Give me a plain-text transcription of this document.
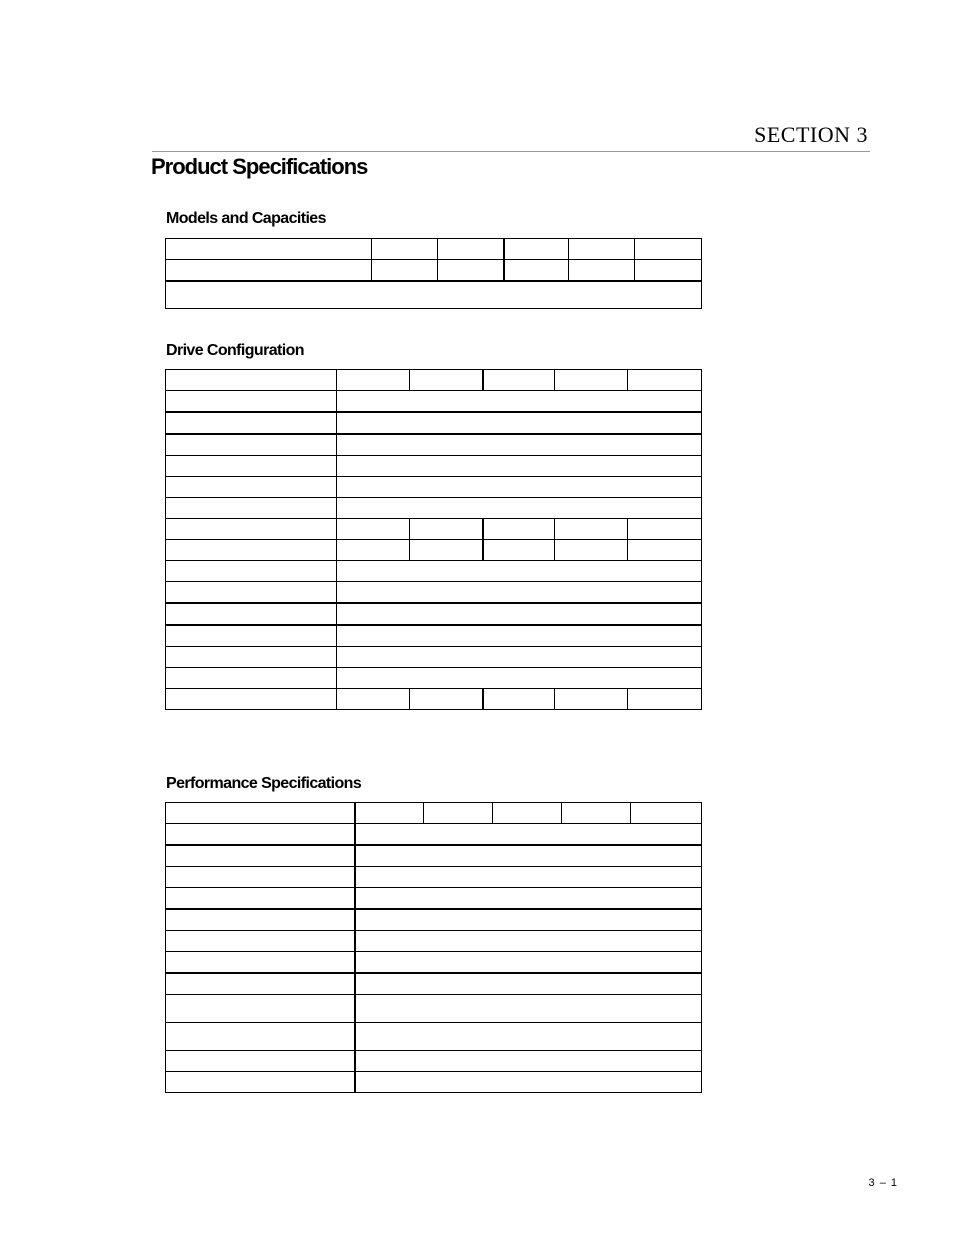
SECTION 3
Product Specifications
Models and Capacities

Drive Configuration

Performance Specifications

3 – 1
